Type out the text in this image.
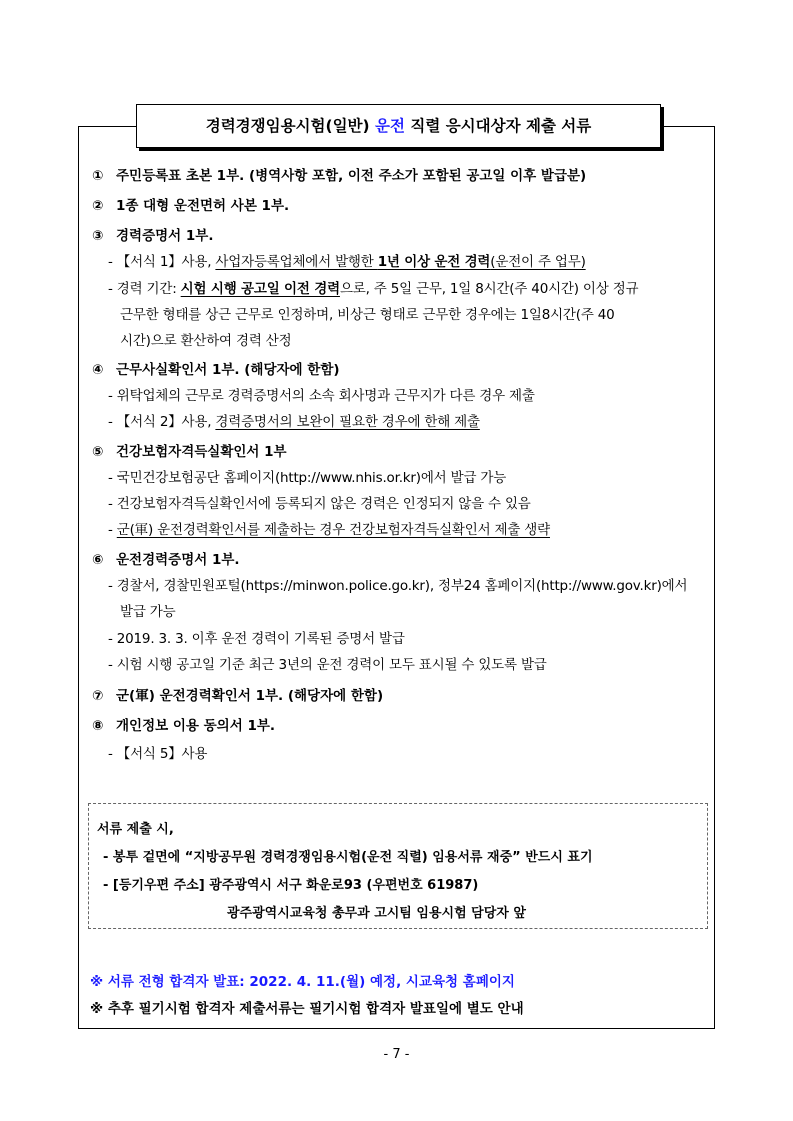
경력경쟁임용시험(일반) 운전 직렬 응시대상자 제출 서류
① 주민등록표 초본 1부. (병역사항 포함, 이전 주소가 포함된 공고일 이후 발급분)
② 1종 대형 운전면허 사본 1부.
③ 경력증명서 1부.
- 【서식 1】사용, 사업자등록업체에서 발행한 1년 이상 운전 경력(운전이 주 업무)
- 경력 기간: 시험 시행 공고일 이전 경력으로, 주 5일 근무, 1일 8시간(주 40시간) 이상 정규
근무한 형태를 상근 근무로 인정하며, 비상근 형태로 근무한 경우에는 1일8시간(주 40
시간)으로 환산하여 경력 산정
④ 근무사실확인서 1부. (해당자에 한함)
- 위탁업체의 근무로 경력증명서의 소속 회사명과 근무지가 다른 경우 제출
- 【서식 2】사용, 경력증명서의 보완이 필요한 경우에 한해 제출
⑤ 건강보험자격득실확인서 1부
- 국민건강보험공단 홈페이지(http://www.nhis.or.kr)에서 발급 가능
- 건강보험자격득실확인서에 등록되지 않은 경력은 인정되지 않을 수 있음
- 군(軍) 운전경력확인서를 제출하는 경우 건강보험자격득실확인서 제출 생략
⑥ 운전경력증명서 1부.
- 경찰서, 경찰민원포털(https://minwon.police.go.kr), 정부24 홈페이지(http://www.gov.kr)에서
발급 가능
- 2019. 3. 3. 이후 운전 경력이 기록된 증명서 발급
- 시험 시행 공고일 기준 최근 3년의 운전 경력이 모두 표시될 수 있도록 발급
⑦ 군(軍) 운전경력확인서 1부. (해당자에 한함)
⑧ 개인정보 이용 동의서 1부.
- 【서식 5】사용
서류 제출 시,
- 봉투 겉면에 “지방공무원 경력경쟁임용시험(운전 직렬) 임용서류 재중” 반드시 표기
- [등기우편 주소] 광주광역시 서구 화운로93 (우편번호 61987)
광주광역시교육청 총무과 고시팀 임용시험 담당자 앞
※ 서류 전형 합격자 발표: 2022. 4. 11.(월) 예정, 시교육청 홈페이지
※ 추후 필기시험 합격자 제출서류는 필기시험 합격자 발표일에 별도 안내
- 7 -
